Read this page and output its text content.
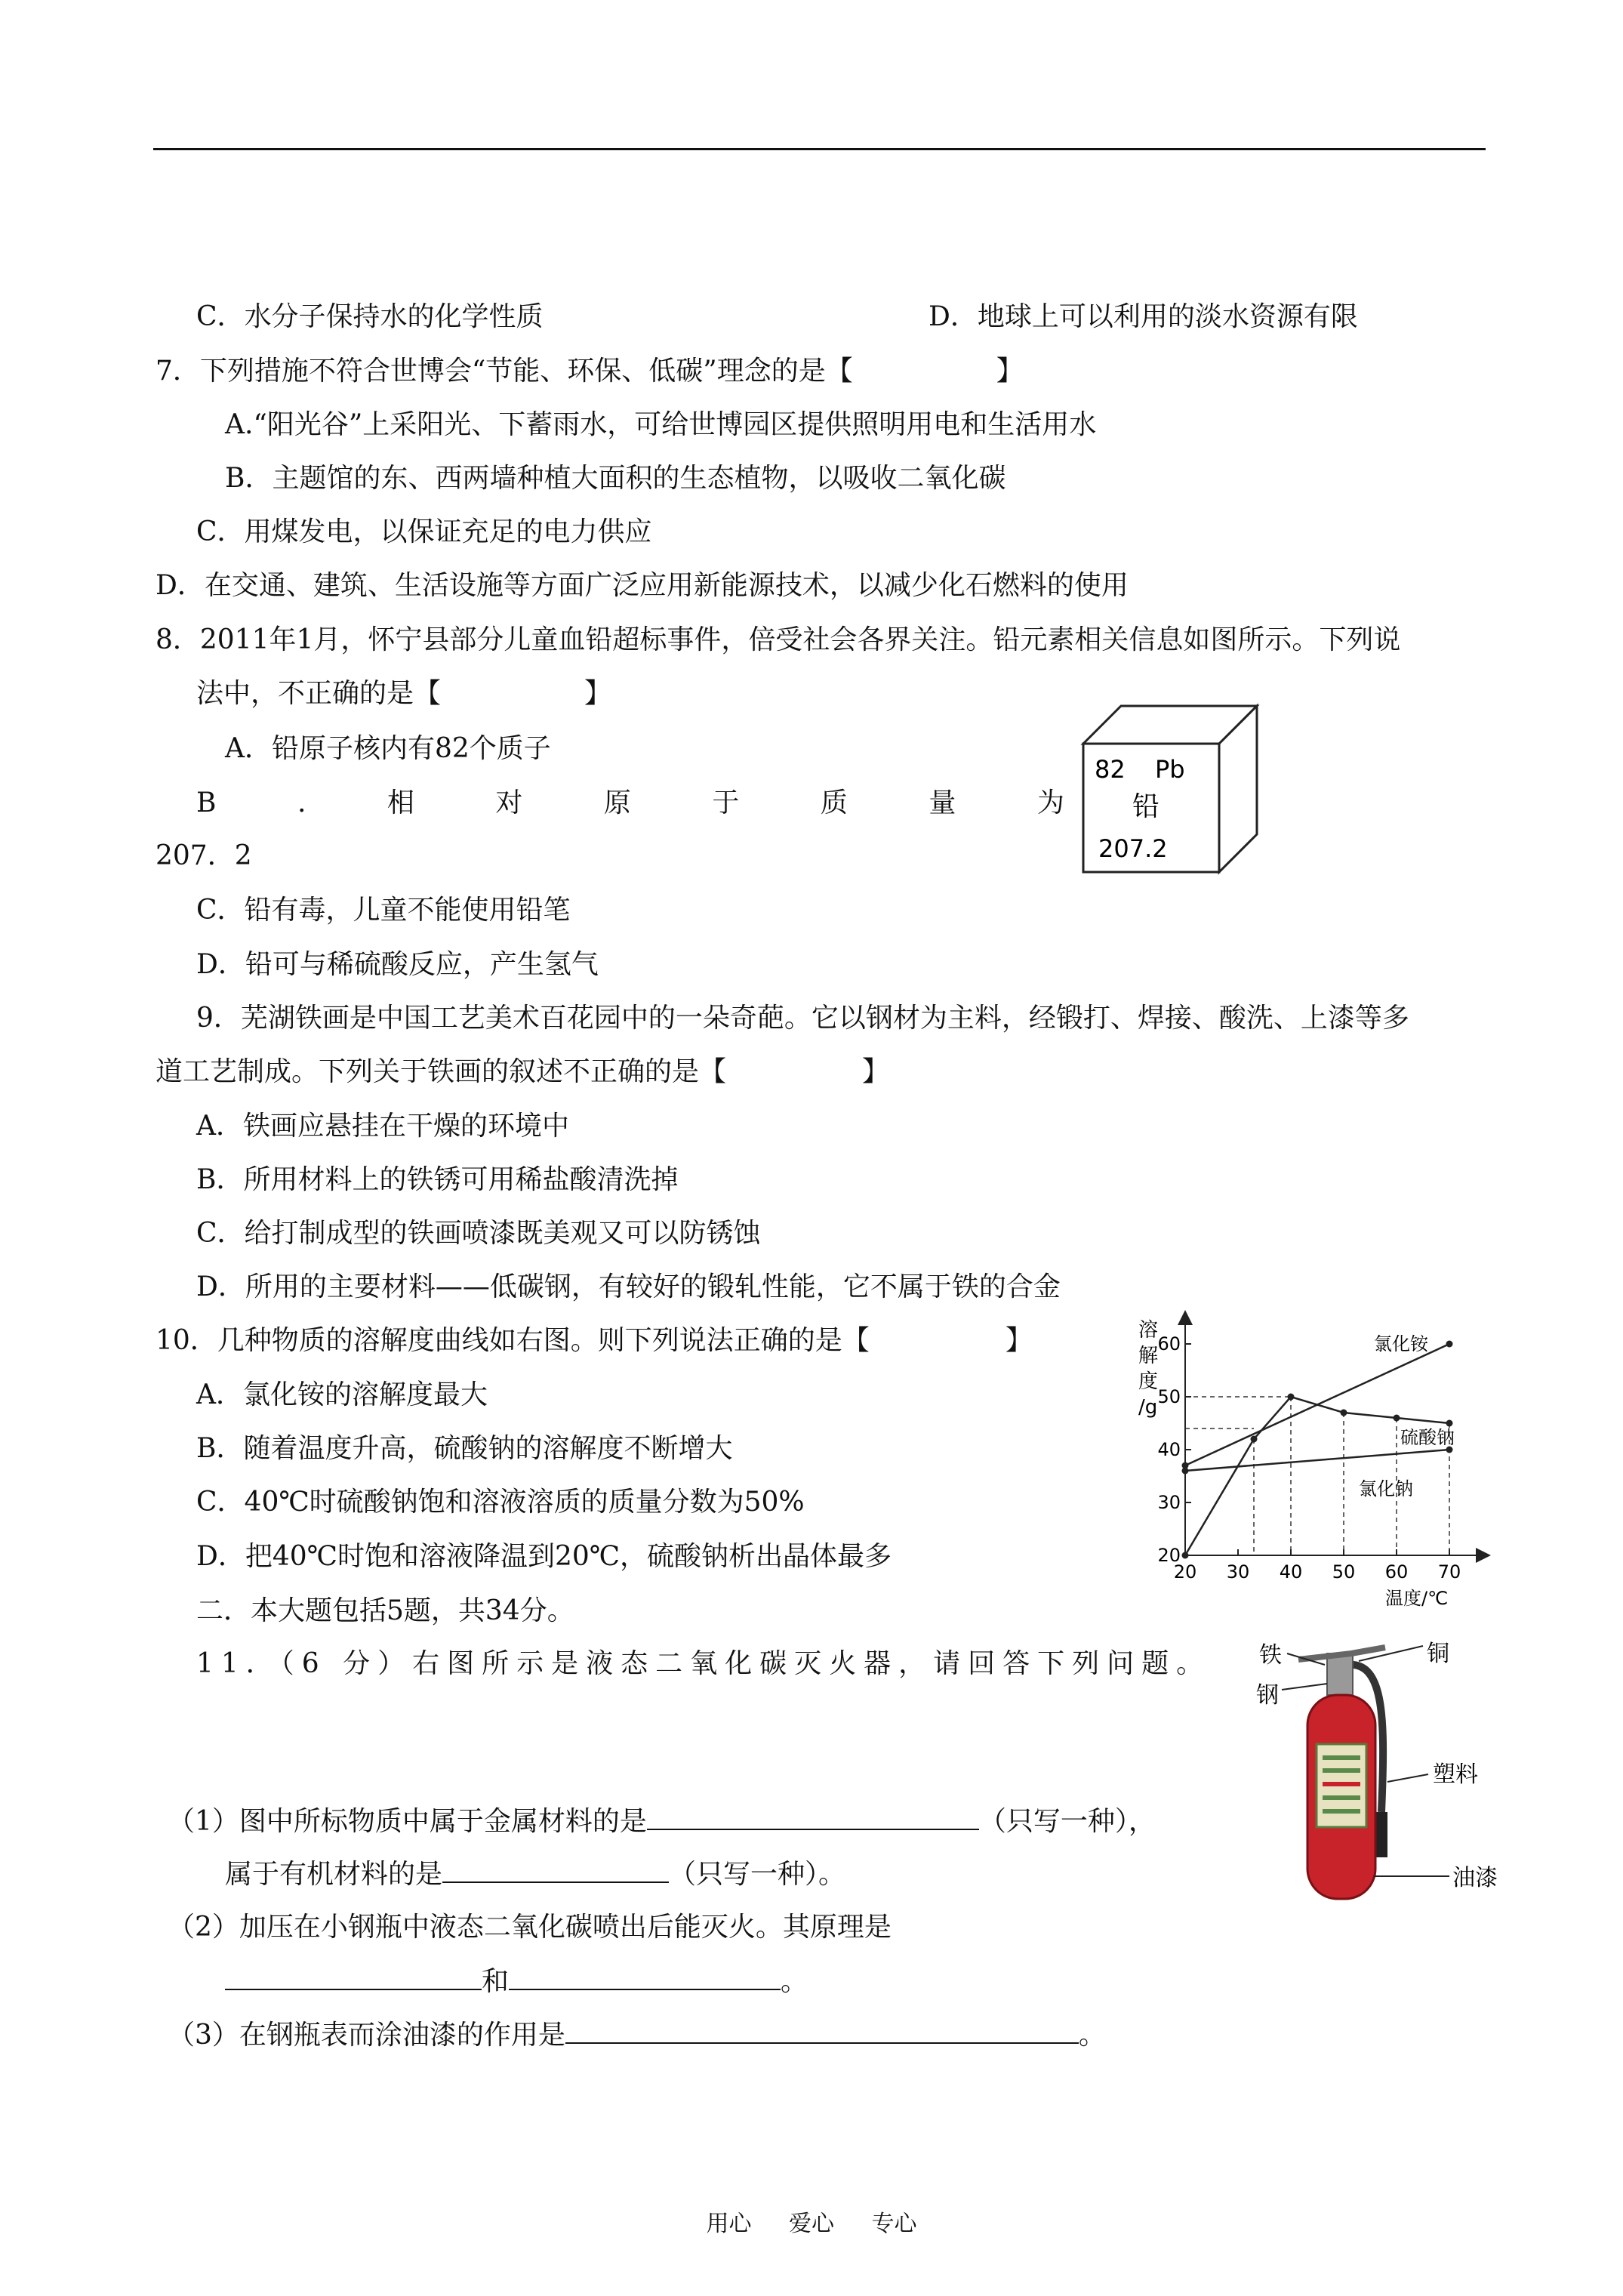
C．水分子保持水的化学性质	D．地球上可以利用的淡水资源有限
7．下列措施不符合世博会“节能、环保、低碳”理念的是【	】
A.“阳光谷”上采阳光、下蓄雨水，可给世博园区提供照明用电和生活用水
B．主题馆的东、西两墙种植大面积的生态植物，以吸收二氧化碳
C．用煤发电，以保证充足的电力供应
D．在交通、建筑、生活设施等方面广泛应用新能源技术，以减少化石燃料的使用
8．2011年1月，怀宁县部分儿童血铅超标事件，倍受社会各界关注。铅元素相关信息如图所示。下列说
法中，不正确的是【	】
A．铅原子核内有82个质子
B	.	相	对	原	于	质	量	为
207．2
C．铅有毒，儿童不能使用铅笔
D．铅可与稀硫酸反应，产生氢气
82 Pb
铅
207.2
9．芜湖铁画是中国工艺美术百花园中的一朵奇葩。它以钢材为主料，经锻打、焊接、酸洗、上漆等多
道工艺制成。下列关于铁画的叙述不正确的是【	】
A．铁画应悬挂在干燥的环境中
B．所用材料上的铁锈可用稀盐酸清洗掉
C．给打制成型的铁画喷漆既美观又可以防锈蚀
D．所用的主要材料——低碳钢，有较好的锻轧性能，它不属于铁的合金
10．几种物质的溶解度曲线如右图。则下列说法正确的是【	】
A．氯化铵的溶解度最大
B．随着温度升高，硫酸钠的溶解度不断增大
C．40℃时硫酸钠饱和溶液溶质的质量分数为50%
D．把40℃时饱和溶液降温到20℃，硫酸钠析出晶体最多	20 30 40 50 60 70
20
30
40
50
60	氯化铵
硫酸钠
氯化钠
溶
解
度
/g
温度/℃
二．本大题包括5题，共34分。
11．（6 分）右图所示是液态二氧化碳灭火器，请回答下列问题。
（1）图中所标物质中属于金属材料的是	（只写一种），
属于有机材料的是	（只写一种）。
（2）加压在小钢瓶中液态二氧化碳喷出后能灭火。其原理是
和	。
（3）在钢瓶表而涂油漆的作用是	。
铁	铜
钢
塑料
油漆
用心 爱心 专心
